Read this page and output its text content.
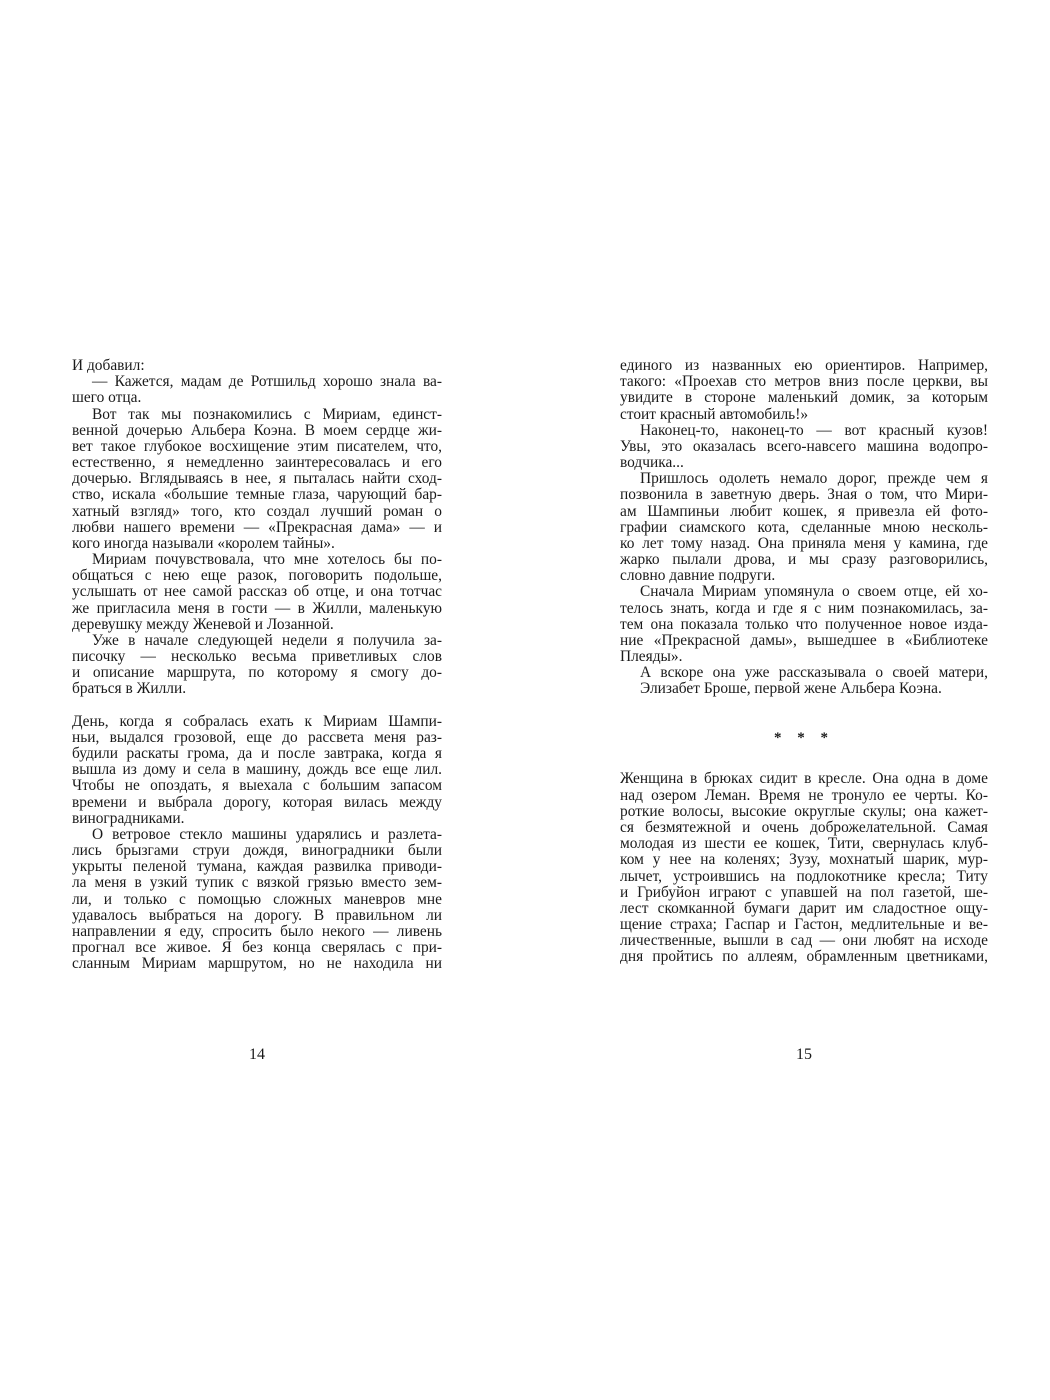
И добавил:
— Кажется, мадам де Ротшильд хорошо знала ва-
шего отца.
Вот так мы познакомились с Мириам, единст-
венной дочерью Альбера Коэна. В моем сердце жи-
вет такое глубокое восхищение этим писателем, что,
естественно, я немедленно заинтересовалась и его
дочерью. Вглядываясь в нее, я пыталась найти сход-
ство, искала «большие темные глаза, чарующий бар-
хатный взгляд» того, кто создал лучший роман о
любви нашего времени — «Прекрасная дама» — и
кого иногда называли «королем тайны».
Мириам почувствовала, что мне хотелось бы по-
общаться с нею еще разок, поговорить подольше,
услышать от нее самой рассказ об отце, и она тотчас
же пригласила меня в гости — в Жилли, маленькую
деревушку между Женевой и Лозанной.
Уже в начале следующей недели я получила за-
писочку — несколько весьма приветливых слов
и описание маршрута, по которому я смогу до-
браться в Жилли.
День, когда я собралась ехать к Мириам Шампи-
ньи, выдался грозовой, еще до рассвета меня раз-
будили раскаты грома, да и после завтрака, когда я
вышла из дому и села в машину, дождь все еще лил.
Чтобы не опоздать, я выехала с большим запасом
времени и выбрала дорогу, которая вилась между
виноградниками.
О ветровое стекло машины ударялись и разлета-
лись брызгами струи дождя, виноградники были
укрыты пеленой тумана, каждая развилка приводи-
ла меня в узкий тупик с вязкой грязью вместо зем-
ли, и только с помощью сложных маневров мне
удавалось выбраться на дорогу. В правильном ли
направлении я еду, спросить было некого — ливень
прогнал все живое. Я без конца сверялась с при-
сланным Мириам маршрутом, но не находила ни
14
единого из названных ею ориентиров. Например,
такого: «Проехав сто метров вниз после церкви, вы
увидите в стороне маленький домик, за которым
стоит красный автомобиль!»
Наконец-то, наконец-то — вот красный кузов!
Увы, это оказалась всего-навсего машина водопро-
водчика...
Пришлось одолеть немало дорог, прежде чем я
позвонила в заветную дверь. Зная о том, что Мири-
ам Шампиньи любит кошек, я привезла ей фото-
графии сиамского кота, сделанные мною несколь-
ко лет тому назад. Она приняла меня у камина, где
жарко пылали дрова, и мы сразу разговорились,
словно давние подруги.
Сначала Мириам упомянула о своем отце, ей хо-
телось знать, когда и где я с ним познакомилась, за-
тем она показала только что полученное новое изда-
ние «Прекрасной дамы», вышедшее в «Библиотеке
Плеяды».
А вскоре она уже рассказывала о своей матери,
Элизабет Броше, первой жене Альбера Коэна.
* * *
Женщина в брюках сидит в кресле. Она одна в доме
над озером Леман. Время не тронуло ее черты. Ко-
роткие волосы, высокие округлые скулы; она кажет-
ся безмятежной и очень доброжелательной. Самая
молодая из шести ее кошек, Тити, свернулась клуб-
ком у нее на коленях; Зузу, мохнатый шарик, мур-
лычет, устроившись на подлокотнике кресла; Титу
и Грибуйон играют с упавшей на пол газетой, ше-
лест скомканной бумаги дарит им сладостное ощу-
щение страха; Гаспар и Гастон, медлительные и ве-
личественные, вышли в сад — они любят на исходе
дня пройтись по аллеям, обрамленным цветниками,
15
